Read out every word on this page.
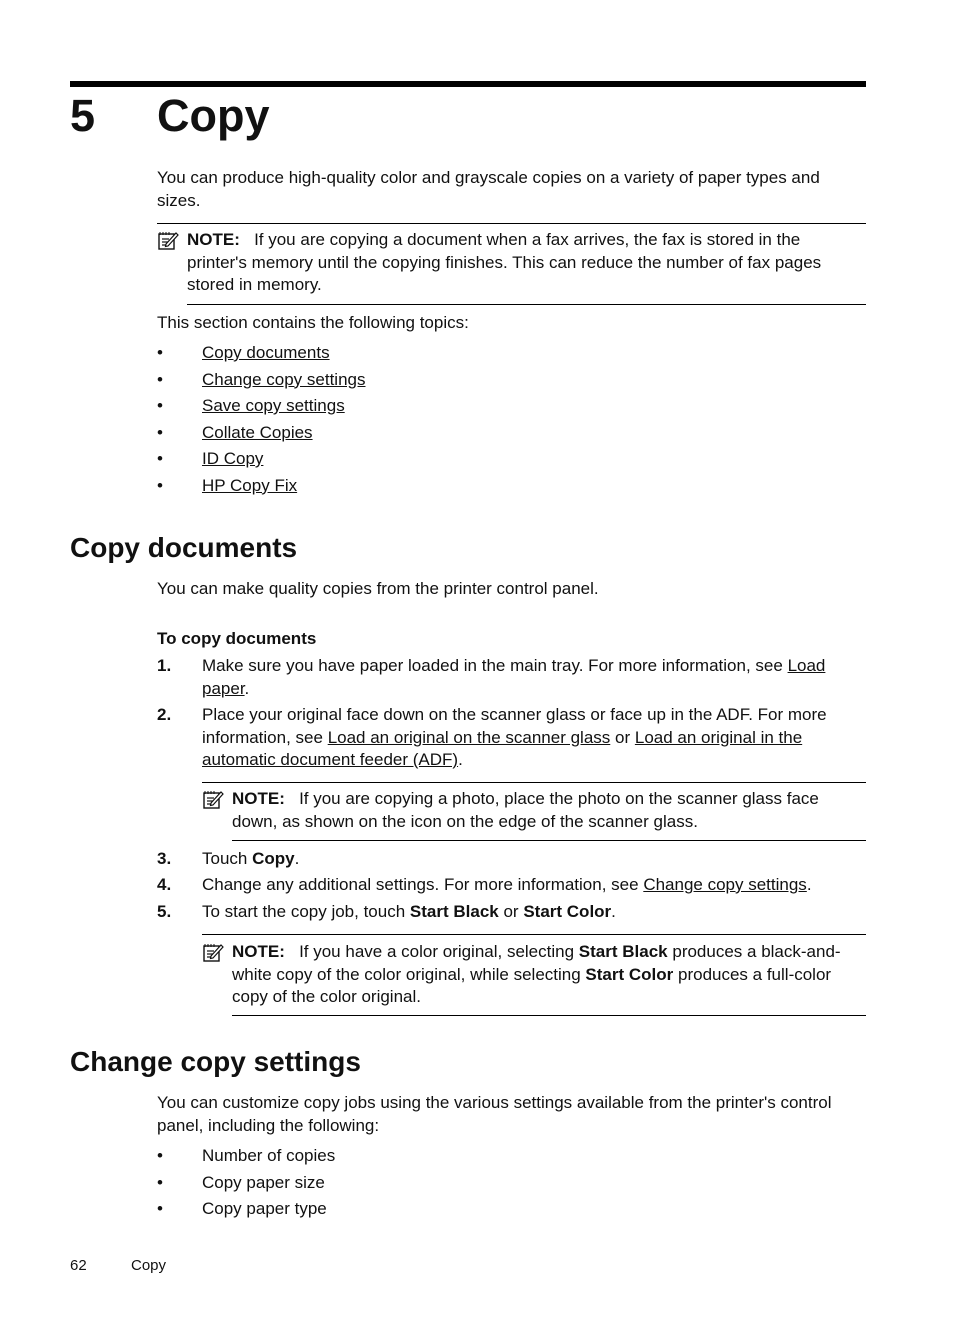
5 Copy
You can produce high-quality color and grayscale copies on a variety of paper types and sizes.
NOTE: If you are copying a document when a fax arrives, the fax is stored in the printer's memory until the copying finishes. This can reduce the number of fax pages stored in memory.
This section contains the following topics:
• Copy documents
• Change copy settings
• Save copy settings
• Collate Copies
• ID Copy
• HP Copy Fix
Copy documents
You can make quality copies from the printer control panel.
To copy documents
1. Make sure you have paper loaded in the main tray. For more information, see Load paper.
2. Place your original face down on the scanner glass or face up in the ADF. For more information, see Load an original on the scanner glass or Load an original in the automatic document feeder (ADF).
NOTE: If you are copying a photo, place the photo on the scanner glass face down, as shown on the icon on the edge of the scanner glass.
3. Touch Copy.
4. Change any additional settings. For more information, see Change copy settings.
5. To start the copy job, touch Start Black or Start Color.
NOTE: If you have a color original, selecting Start Black produces a black-and-white copy of the color original, while selecting Start Color produces a full-color copy of the color original.
Change copy settings
You can customize copy jobs using the various settings available from the printer's control panel, including the following:
• Number of copies
• Copy paper size
• Copy paper type
62	Copy
